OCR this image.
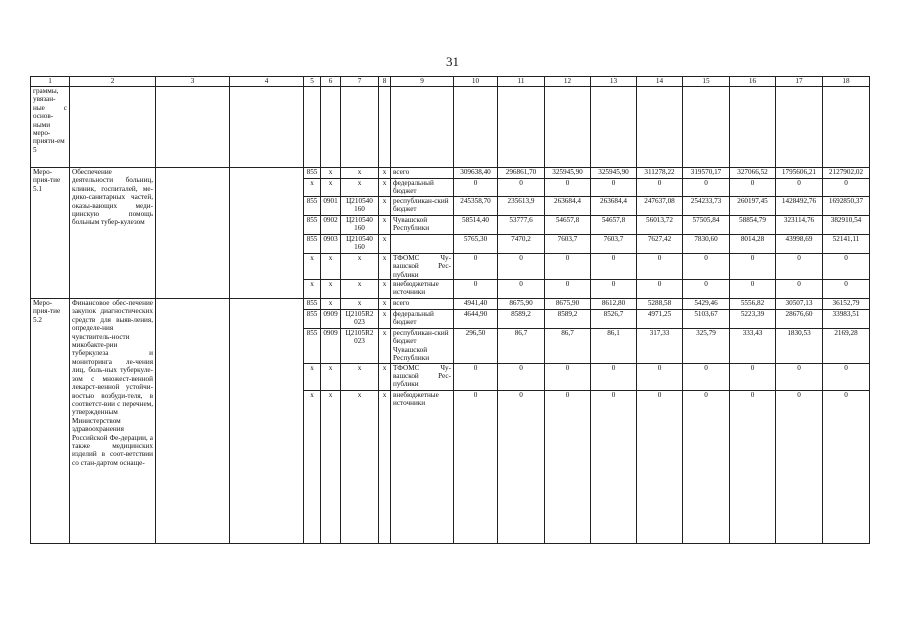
31
1	2	3	4	5	6	7	8	9	10	11	12	13	14	15	16	17	18
граммы, увязан-ные с основ-ными меро-прияти-ем 5																	
Меро-прия-тие 5.1	Обеспечение деятельности больниц, клиник, госпиталей, ме-дико-санитарных частей, оказы-вающих меди-цинскую помощь больным тубер-кулезом			855	х	х	х	всего	309638,40	296861,70	325945,90	325945,90	311278,22	319570,17	327066,52	1795606,21	2127902,02
				х	х	х	х	федеральный бюджет	0	0	0	0	0	0	0	0	0
				855	0901	Ц210540 160	х	республикан-ский бюджет	245358,70	235613,9	263684,4	263684,4	247637,08	254233,73	260197,45	1428492,76	1692850,37
				855	0902	Ц210540 160	х	Чувашской Республики	58514,40	53777,6	54657,8	54657,8	56013,72	57505,84	58854,79	323114,76	382910,54
				855	0903	Ц210540 160	х		5765,30	7470,2	7603,7	7603,7	7627,42	7830,60	8014,28	43998,69	52141,11
				х	х	х	х	ТФОМС Чу-вашской Рес-публики	0	0	0	0	0	0	0	0	0
				х	х	х	х	внебюджетные источники	0	0	0	0	0	0	0	0	0
Меро-прия-тие 5.2	Финансовое обес-печение закупок диагностических средств для выяв-ления, определе-ния чувствитель-ности микобакте-рии туберкулеза и мониторинга ле-чения лиц, боль-ных туберкуле-зом с множест-венной лекарст-венной устойчи-востью возбуди-теля, в соответст-вии с перечнем, утвержденным Министерством здравоохранения Российской Фе-дерации, а также медицинских изделий в соот-ветствии со стан-дартом оснаще-			855	х	х	х	всего	4941,40	8675,90	8675,90	8612,80	5288,58	5429,46	5556,82	30507,13	36152,79
				855	0909	Ц2105R2 023	х	федеральный бюджет	4644,90	8589,2	8589,2	8526,7	4971,25	5103,67	5223,39	28676,60	33983,51
				855	0909	Ц2105R2 023	х	республикан-ский бюджет Чувашской Республики	296,50	86,7	86,7	86,1	317,33	325,79	333,43	1830,53	2169,28
				х	х	х	х	ТФОМС Чу-вашской Рес-публики	0	0	0	0	0	0	0	0	0
				х	х	х	х	внебюджетные источники	0	0	0	0	0	0	0	0	0
